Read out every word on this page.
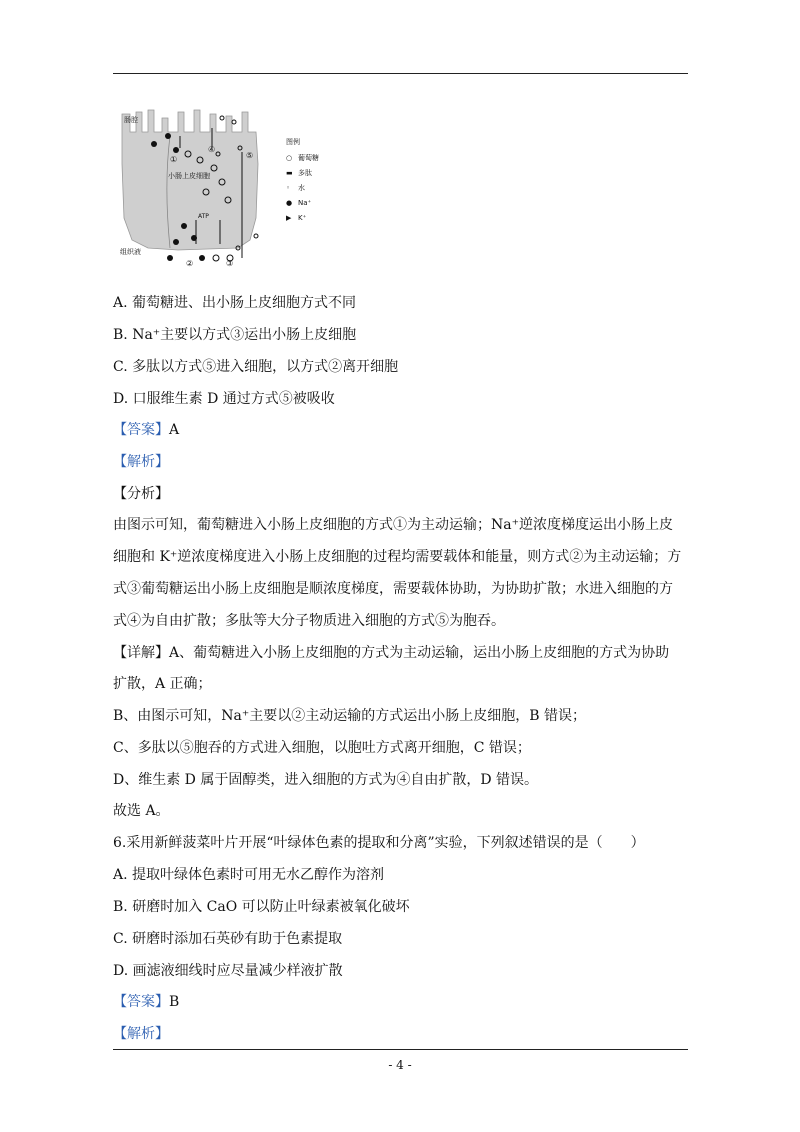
肠腔
小肠上皮细胞
组织液
ATP
①
②	③
④
⑤
图例
○ 葡萄糖
▬ 多肽
◦ 水
● Na⁺
▶ K⁺
A. 葡萄糖进、出小肠上皮细胞方式不同
B. Na⁺主要以方式③运出小肠上皮细胞
C. 多肽以方式⑤进入细胞，以方式②离开细胞
D. 口服维生素 D 通过方式⑤被吸收
【答案】A
【解析】
【分析】
由图示可知，葡萄糖进入小肠上皮细胞的方式①为主动运输；Na⁺逆浓度梯度运出小肠上皮
细胞和 K⁺逆浓度梯度进入小肠上皮细胞的过程均需要载体和能量，则方式②为主动运输；方
式③葡萄糖运出小肠上皮细胞是顺浓度梯度，需要载体协助，为协助扩散；水进入细胞的方
式④为自由扩散；多肽等大分子物质进入细胞的方式⑤为胞吞。
【详解】A、葡萄糖进入小肠上皮细胞的方式为主动运输，运出小肠上皮细胞的方式为协助
扩散，A 正确；
B、由图示可知，Na⁺主要以②主动运输的方式运出小肠上皮细胞，B 错误；
C、多肽以⑤胞吞的方式进入细胞，以胞吐方式离开细胞，C 错误；
D、维生素 D 属于固醇类，进入细胞的方式为④自由扩散，D 错误。
故选 A。
6.采用新鲜菠菜叶片开展“叶绿体色素的提取和分离”实验，下列叙述错误的是（　　）
A. 提取叶绿体色素时可用无水乙醇作为溶剂
B. 研磨时加入 CaO 可以防止叶绿素被氧化破坏
C. 研磨时添加石英砂有助于色素提取
D. 画滤液细线时应尽量减少样液扩散
【答案】B
【解析】
- 4 -
